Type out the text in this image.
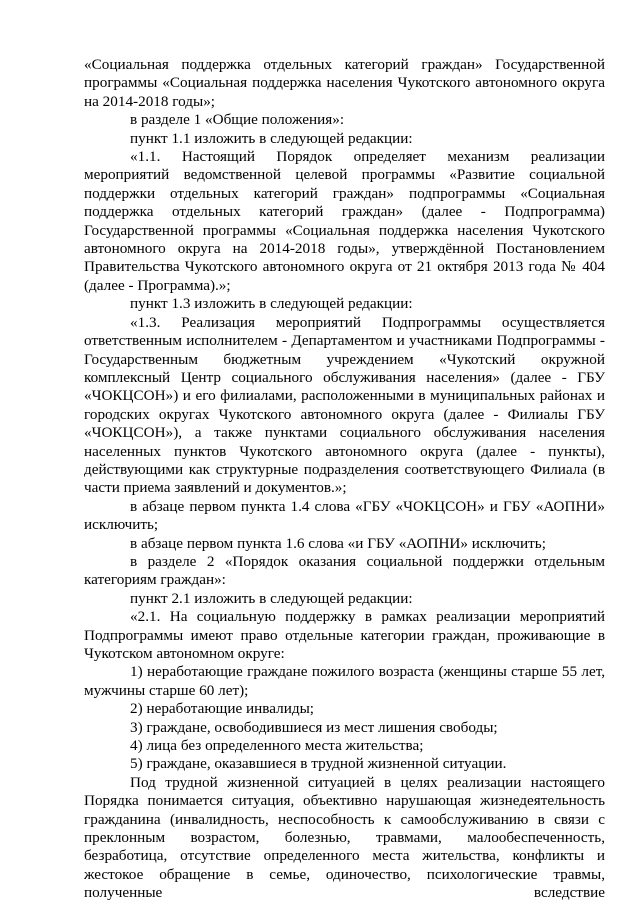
«Социальная поддержка отдельных категорий граждан» Государственной программы «Социальная поддержка населения Чукотского автономного округа на 2014-2018 годы»;

в разделе 1 «Общие положения»:

пункт 1.1 изложить в следующей редакции:

«1.1. Настоящий Порядок определяет механизм реализации мероприятий ведомственной целевой программы «Развитие социальной поддержки отдельных категорий граждан» подпрограммы «Социальная поддержка отдельных категорий граждан» (далее - Подпрограмма) Государственной программы «Социальная поддержка населения Чукотского автономного округа на 2014-2018 годы», утверждённой Постановлением Правительства Чукотского автономного округа от 21 октября 2013 года № 404 (далее - Программа).»;

пункт 1.3 изложить в следующей редакции:

«1.3. Реализация мероприятий Подпрограммы осуществляется ответственным исполнителем - Департаментом и участниками Подпрограммы - Государственным бюджетным учреждением «Чукотский окружной комплексный Центр социального обслуживания населения» (далее - ГБУ «ЧОКЦСОН») и его филиалами, расположенными в муниципальных районах и городских округах Чукотского автономного округа (далее - Филиалы ГБУ «ЧОКЦСОН»), а также пунктами социального обслуживания населения населенных пунктов Чукотского автономного округа (далее - пункты), действующими как структурные подразделения соответствующего Филиала (в части приема заявлений и документов.»;

в абзаце первом пункта 1.4 слова «ГБУ «ЧОКЦСОН» и ГБУ «АОПНИ» исключить;

в абзаце первом пункта 1.6 слова «и ГБУ «АОПНИ» исключить;

в разделе 2 «Порядок оказания социальной поддержки отдельным категориям граждан»:

пункт 2.1 изложить в следующей редакции:

«2.1. На социальную поддержку в рамках реализации мероприятий Подпрограммы имеют право отдельные категории граждан, проживающие в Чукотском автономном округе:

1) неработающие граждане пожилого возраста (женщины старше 55 лет, мужчины старше 60 лет);

2) неработающие инвалиды;

3) граждане, освободившиеся из мест лишения свободы;

4) лица без определенного места жительства;

5) граждане, оказавшиеся в трудной жизненной ситуации.

Под трудной жизненной ситуацией в целях реализации настоящего Порядка понимается ситуация, объективно нарушающая жизнедеятельность гражданина (инвалидность, неспособность к самообслуживанию в связи с преклонным возрастом, болезнью, травмами, малообеспеченность, безработица, отсутствие определенного места жительства, конфликты и жестокое обращение в семье, одиночество, психологические травмы, полученные вследствие
